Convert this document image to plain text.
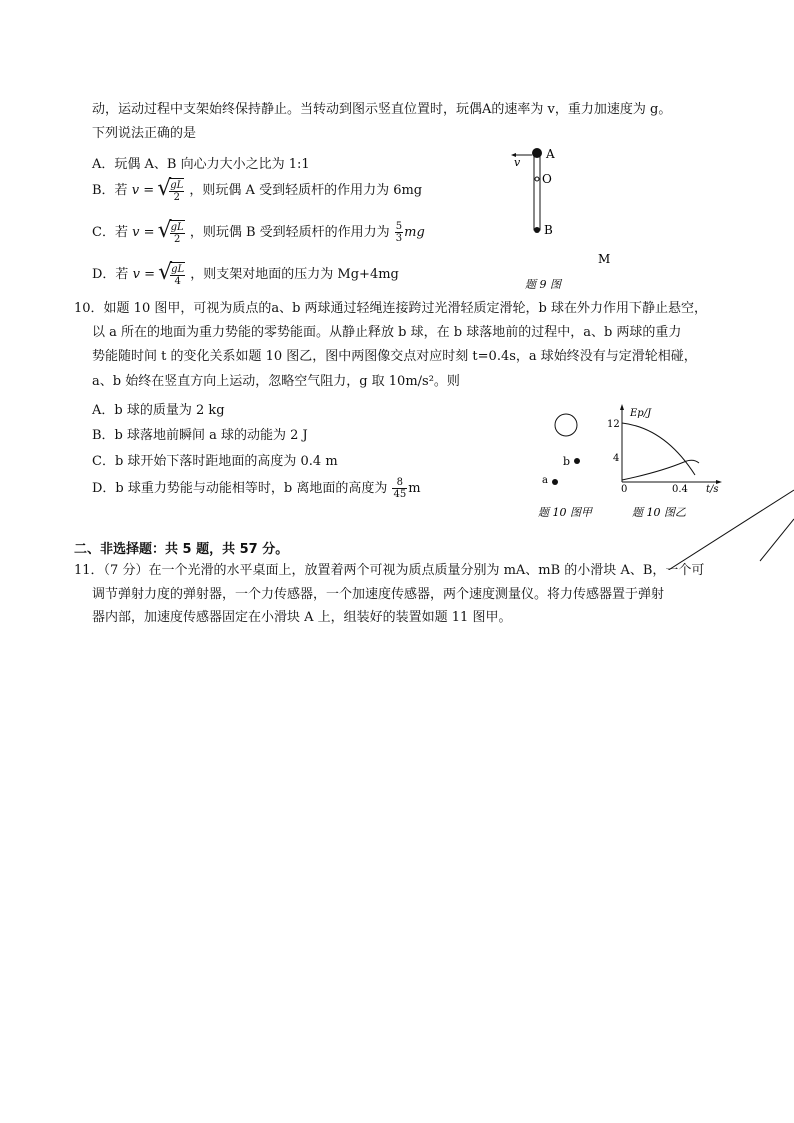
动，运动过程中支架始终保持静止。当转动到图示竖直位置时，玩偶A的速率为 v，重力加速度为 g。
下列说法正确的是
A．玩偶 A、B 向心力大小之比为 1:1
B．若 v = √ $\frac{gL}{2}$ ，则玩偶 A 受到轻质杆的作用力为 6mg
C．若 v = √ $\frac{gL}{2}$ ，则玩偶 B 受到轻质杆的作用力为 $\frac{5}{3}$ mg
D．若 v = √ $\frac{gL}{4}$ ，则支架对地面的压力为 Mg+4mg
A
O
B
v
M
题 9 图
10．如题 10 图甲，可视为质点的a、b 两球通过轻绳连接跨过光滑轻质定滑轮，b 球在外力作用下静止悬空，
以 a 所在的地面为重力势能的零势能面。从静止释放 b 球，在 b 球落地前的过程中，a、b 两球的重力
势能随时间 t 的变化关系如题 10 图乙，图中两图像交点对应时刻 t=0.4s，a 球始终没有与定滑轮相碰，
a、b 始终在竖直方向上运动，忽略空气阻力，g 取 10m/s²。则
A．b 球的质量为 2 kg
B．b 球落地前瞬间 a 球的动能为 2 J
C．b 球开始下落时距地面的高度为 0.4 m
D．b 球重力势能与动能相等时，b 离地面的高度为 $\frac{8}{45}$ m
b
a
题 10 图甲
Ep/J
12
4
0	0.4 t/s
题 10 图乙
二、非选择题：共 5 题，共 57 分。
11．（7 分）在一个光滑的水平桌面上，放置着两个可视为质点质量分别为 mA、mB 的小滑块 A、B，一个可
调节弹射力度的弹射器，一个力传感器，一个加速度传感器，两个速度测量仪。将力传感器置于弹射
器内部，加速度传感器固定在小滑块 A 上，组装好的装置如题 11 图甲。
